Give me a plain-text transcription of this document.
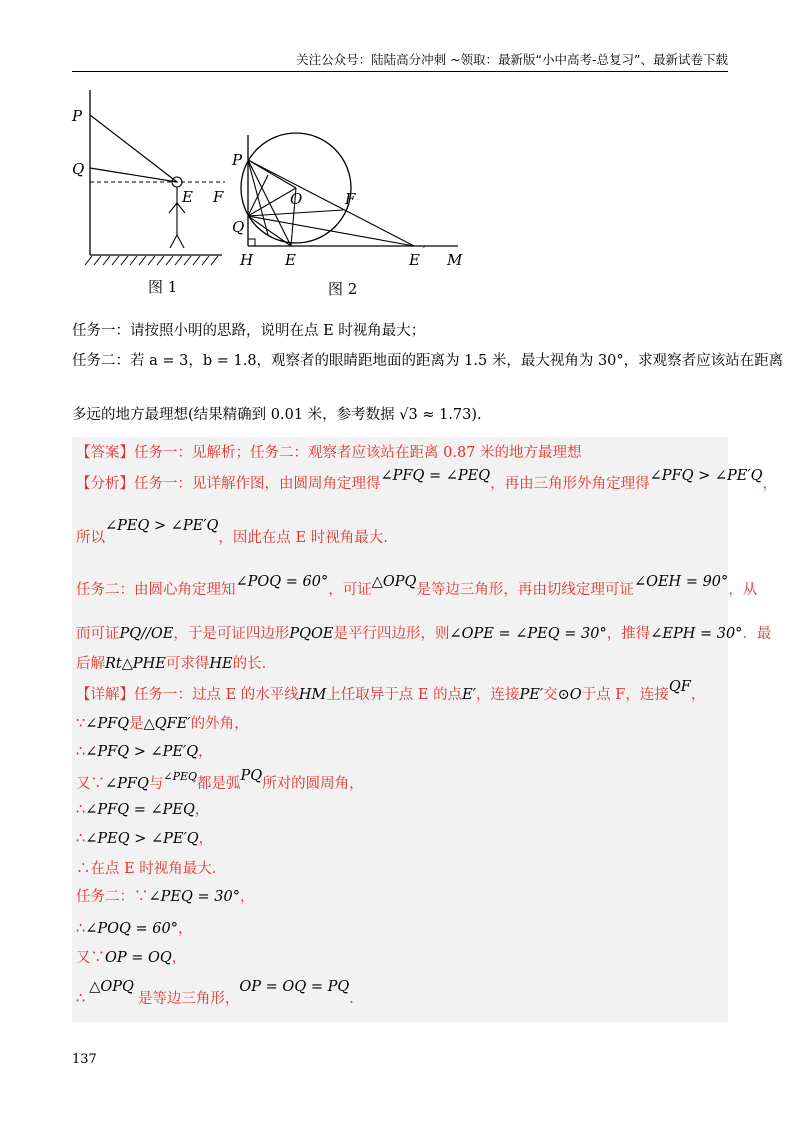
关注公众号：陆陆高分冲刺 ~领取：最新版“小中高考-总复习”、最新试卷下载
P
Q
E F
图 1
P
Q
O	F
H E	E
′
M
图 2
任务一：请按照小明的思路，说明在点 E 时视角最大；
任务二：若 a = 3，b = 1.8，观察者的眼睛距地面的距离为 1.5 米，最大视角为 30°，求观察者应该站在距离
多远的地方最理想(结果精确到 0.01 米，参考数据 √3 ≈ 1.73).
【答案】任务一：见解析；任务二：观察者应该站在距离 0.87 米的地方最理想
【分析】任务一：见详解作图，由圆周角定理得∠PFQ = ∠PEQ，再由三角形外角定理得∠PFQ > ∠PE′Q，
所以∠PEQ > ∠PE′Q，因此在点 E 时视角最大.
任务二：由圆心角定理知∠POQ = 60°，可证△OPQ是等边三角形，再由切线定理可证∠OEH = 90°，从
而可证PQ//OE，于是可证四边形PQOE是平行四边形，则∠OPE = ∠PEQ = 30°，推得∠EPH = 30°．最
后解Rt△PHE可求得HE的长.
【详解】任务一：过点 E 的水平线HM上任取异于点 E 的点E′，连接PE′交⊙O于点 F，连接QF，
∵∠PFQ是△QFE′的外角，
∴∠PFQ > ∠PE′Q，
又∵∠PFQ与$^{\angle PEQ}$都是弧PQ所对的圆周角，
∴∠PFQ = ∠PEQ，
∴∠PEQ > ∠PE′Q，
∴在点 E 时视角最大.
任务二：∵∠PEQ = 30°，
∴∠POQ = 60°，
又∵OP = OQ，
∴△OPQ是等边三角形，OP = OQ = PQ.
137
